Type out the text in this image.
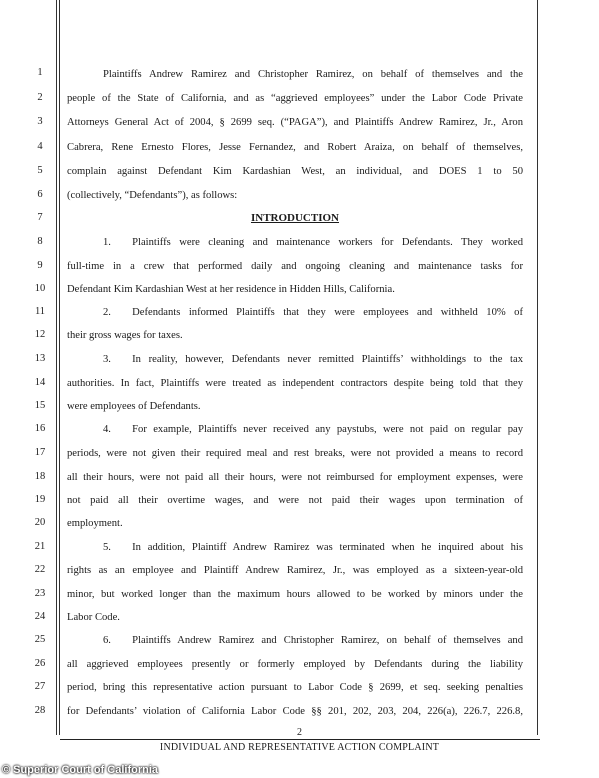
1
2
3
4
5
6
7
8
9
10
11
12
13
14
15
16
17
18
19
20
21
22
23
24
25
26
27
28
Plaintiffs Andrew Ramirez and Christopher Ramirez, on behalf of themselves and the
people of the State of California, and as “aggrieved employees” under the Labor Code Private
Attorneys General Act of 2004, § 2699 seq. (“PAGA”), and Plaintiffs Andrew Ramirez, Jr., Aron
Cabrera, Rene Ernesto Flores, Jesse Fernandez, and Robert Araiza, on behalf of themselves,
complain against Defendant Kim Kardashian West, an individual, and DOES 1 to 50
(collectively, “Defendants”), as follows:
INTRODUCTION
1.  Plaintiffs were cleaning and maintenance workers for Defendants. They worked
full-time in a crew that performed daily and ongoing cleaning and maintenance tasks for
Defendant Kim Kardashian West at her residence in Hidden Hills, California.
2.  Defendants informed Plaintiffs that they were employees and withheld 10% of
their gross wages for taxes.
3.  In reality, however, Defendants never remitted Plaintiffs’ withholdings to the tax
authorities. In fact, Plaintiffs were treated as independent contractors despite being told that they
were employees of Defendants.
4.  For example, Plaintiffs never received any paystubs, were not paid on regular pay
periods, were not given their required meal and rest breaks, were not provided a means to record
all their hours, were not paid all their hours, were not reimbursed for employment expenses, were
not paid all their overtime wages, and were not paid their wages upon termination of
employment.
5.  In addition, Plaintiff Andrew Ramirez was terminated when he inquired about his
rights as an employee and Plaintiff Andrew Ramirez, Jr., was employed as a sixteen-year-old
minor, but worked longer than the maximum hours allowed to be worked by minors under the
Labor Code.
6.  Plaintiffs Andrew Ramirez and Christopher Ramirez, on behalf of themselves and
all aggrieved employees presently or formerly employed by Defendants during the liability
period, bring this representative action pursuant to Labor Code § 2699, et seq. seeking penalties
for Defendants’ violation of California Labor Code §§ 201, 202, 203, 204, 226(a), 226.7, 226.8,
2
INDIVIDUAL AND REPRESENTATIVE ACTION COMPLAINT
© Superior Court of California
